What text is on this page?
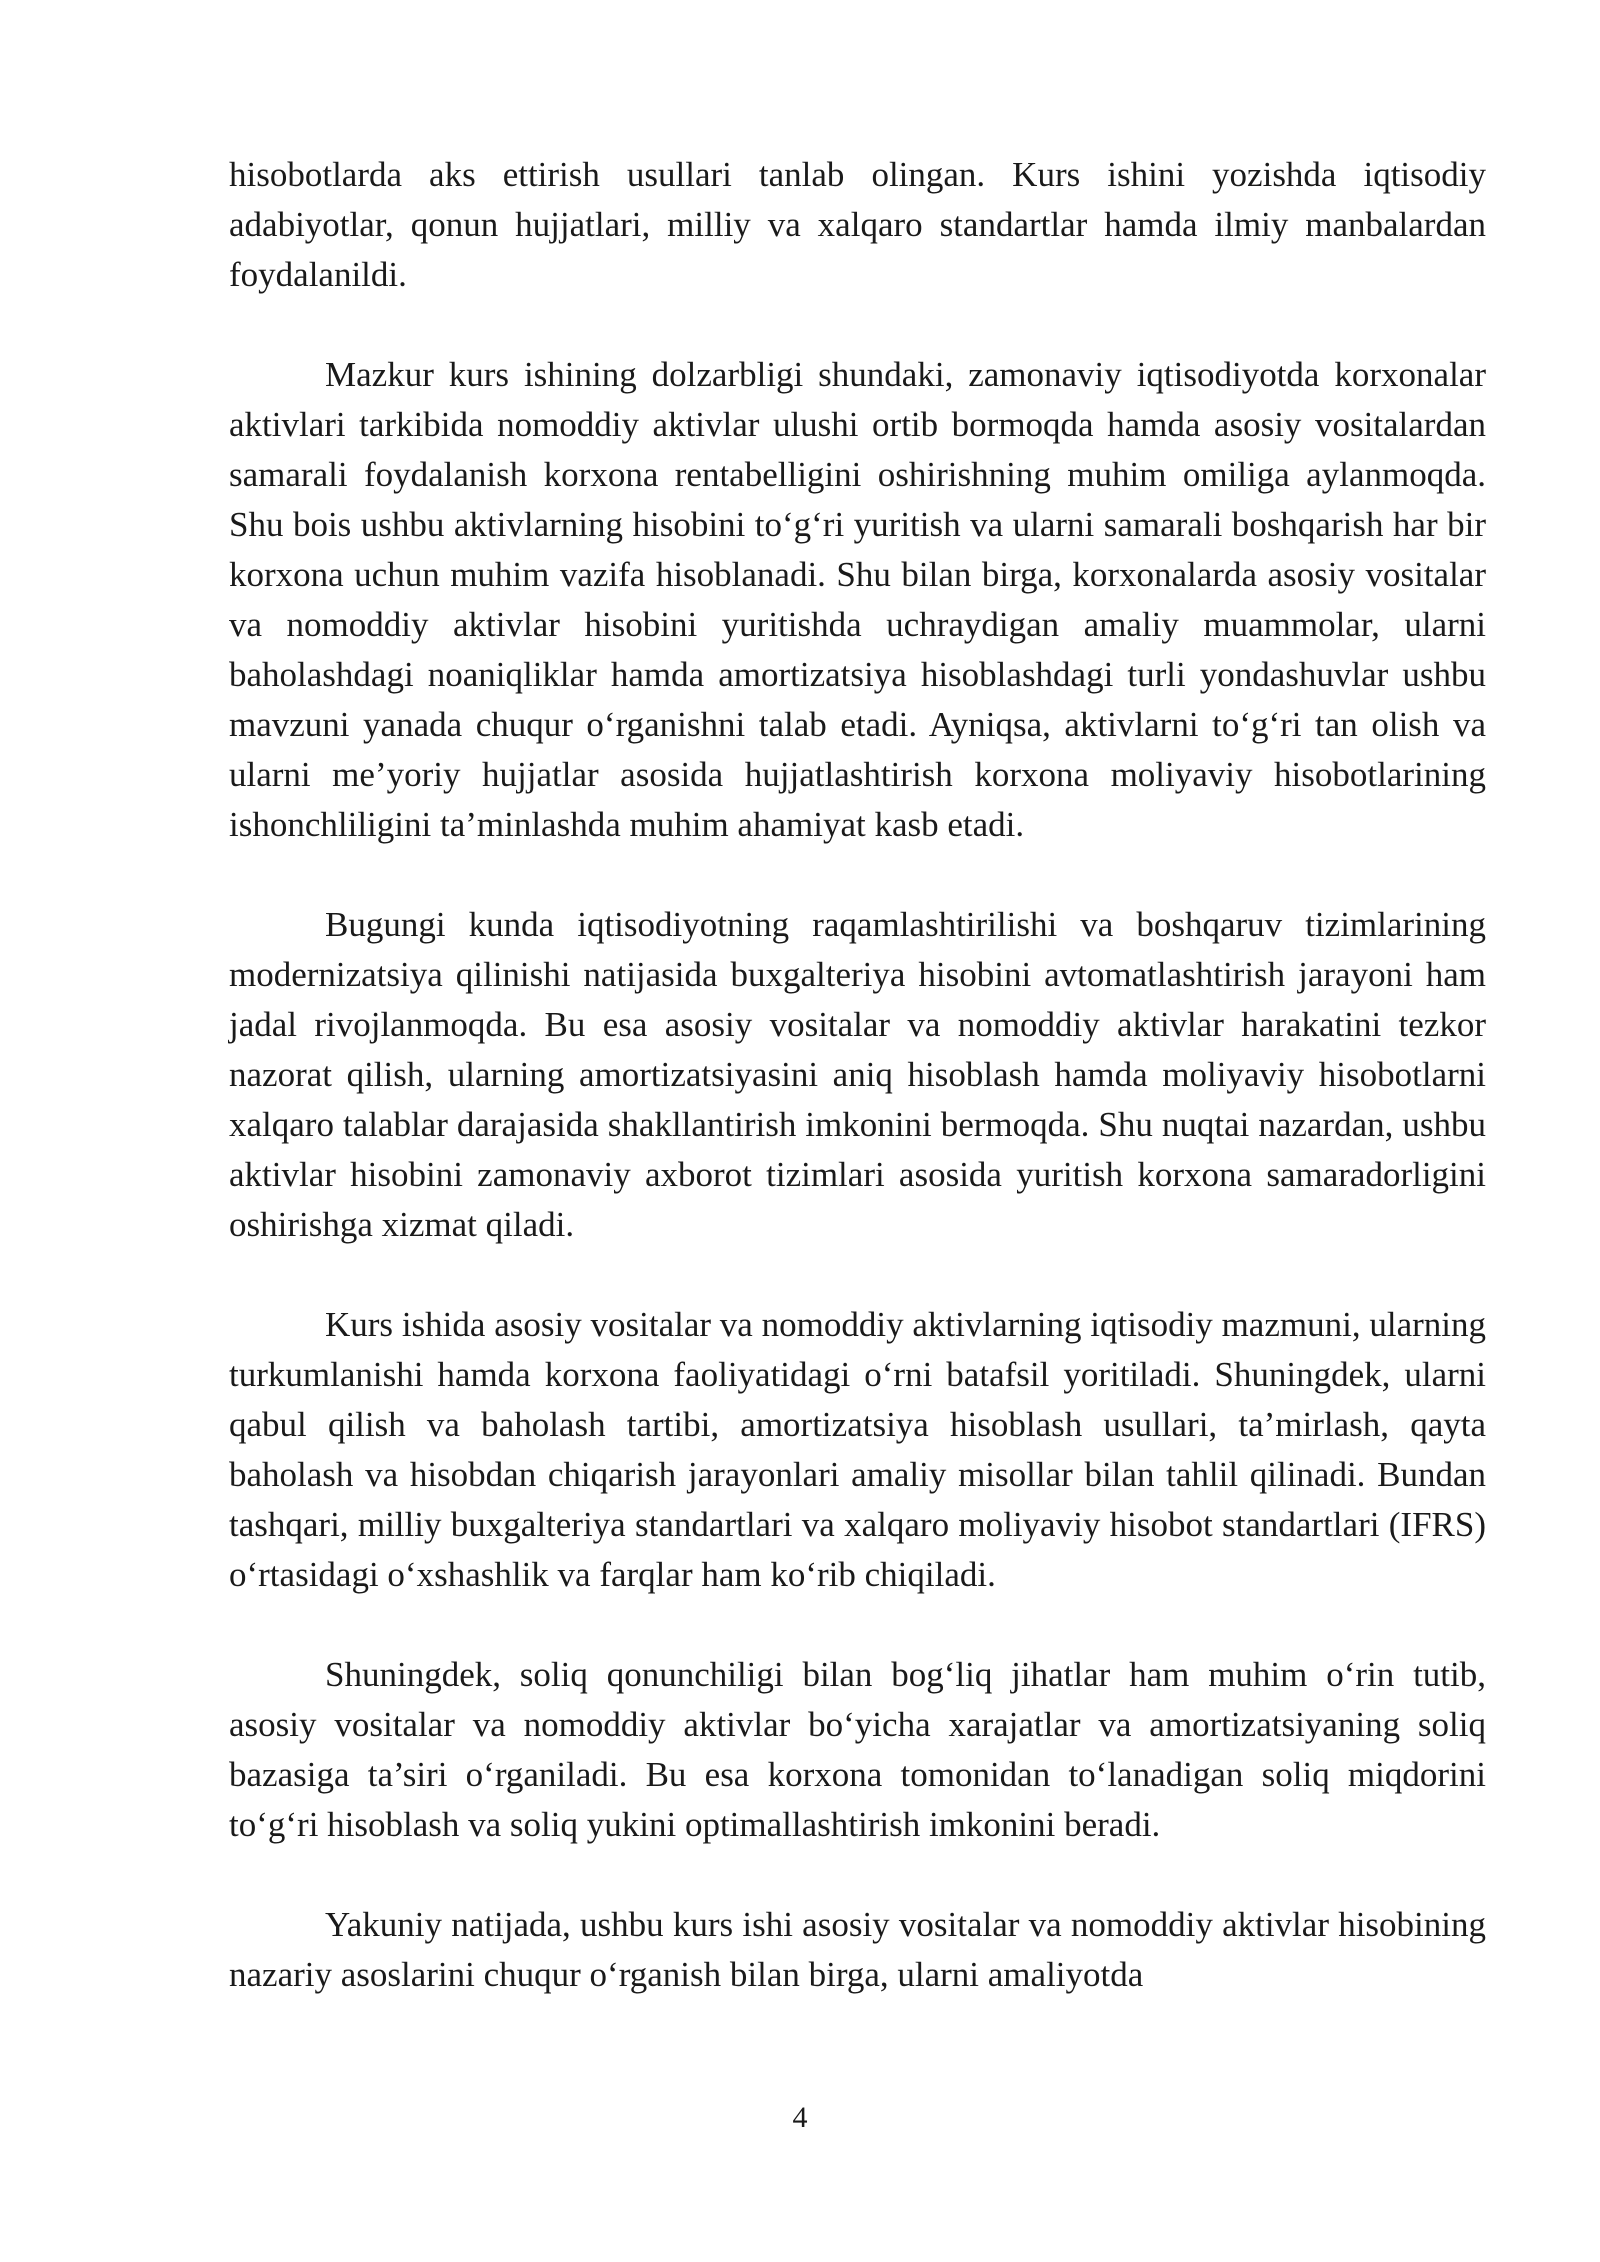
hisobotlarda aks ettirish usullari tanlab olingan. Kurs ishini yozishda iqtisodiy adabiyotlar, qonun hujjatlari, milliy va xalqaro standartlar hamda ilmiy manbalardan foydalanildi.

Mazkur kurs ishining dolzarbligi shundaki, zamonaviy iqtisodiyotda korxonalar aktivlari tarkibida nomoddiy aktivlar ulushi ortib bormoqda hamda asosiy vositalardan samarali foydalanish korxona rentabelligini oshirishning muhim omiliga aylanmoqda. Shu bois ushbu aktivlarning hisobini to‘g‘ri yuritish va ularni samarali boshqarish har bir korxona uchun muhim vazifa hisoblanadi. Shu bilan birga, korxonalarda asosiy vositalar va nomoddiy aktivlar hisobini yuritishda uchraydigan amaliy muammolar, ularni baholashdagi noaniqliklar hamda amortizatsiya hisoblashdagi turli yondashuvlar ushbu mavzuni yanada chuqur o‘rganishni talab etadi. Ayniqsa, aktivlarni to‘g‘ri tan olish va ularni me’yoriy hujjatlar asosida hujjatlashtirish korxona moliyaviy hisobotlarining ishonchliligini ta’minlashda muhim ahamiyat kasb etadi.

Bugungi kunda iqtisodiyotning raqamlashtirilishi va boshqaruv tizimlarining modernizatsiya qilinishi natijasida buxgalteriya hisobini avtomatlashtirish jarayoni ham jadal rivojlanmoqda. Bu esa asosiy vositalar va nomoddiy aktivlar harakatini tezkor nazorat qilish, ularning amortizatsiyasini aniq hisoblash hamda moliyaviy hisobotlarni xalqaro talablar darajasida shakllantirish imkonini bermoqda. Shu nuqtai nazardan, ushbu aktivlar hisobini zamonaviy axborot tizimlari asosida yuritish korxona samaradorligini oshirishga xizmat qiladi.

Kurs ishida asosiy vositalar va nomoddiy aktivlarning iqtisodiy mazmuni, ularning turkumlanishi hamda korxona faoliyatidagi o‘rni batafsil yoritiladi. Shuningdek, ularni qabul qilish va baholash tartibi, amortizatsiya hisoblash usullari, ta’mirlash, qayta baholash va hisobdan chiqarish jarayonlari amaliy misollar bilan tahlil qilinadi. Bundan tashqari, milliy buxgalteriya standartlari va xalqaro moliyaviy hisobot standartlari (IFRS) o‘rtasidagi o‘xshashlik va farqlar ham ko‘rib chiqiladi.

Shuningdek, soliq qonunchiligi bilan bog‘liq jihatlar ham muhim o‘rin tutib, asosiy vositalar va nomoddiy aktivlar bo‘yicha xarajatlar va amortizatsiyaning soliq bazasiga ta’siri o‘rganiladi. Bu esa korxona tomonidan to‘lanadigan soliq miqdorini to‘g‘ri hisoblash va soliq yukini optimallashtirish imkonini beradi.

Yakuniy natijada, ushbu kurs ishi asosiy vositalar va nomoddiy aktivlar hisobining nazariy asoslarini chuqur o‘rganish bilan birga, ularni amaliyotda

4
